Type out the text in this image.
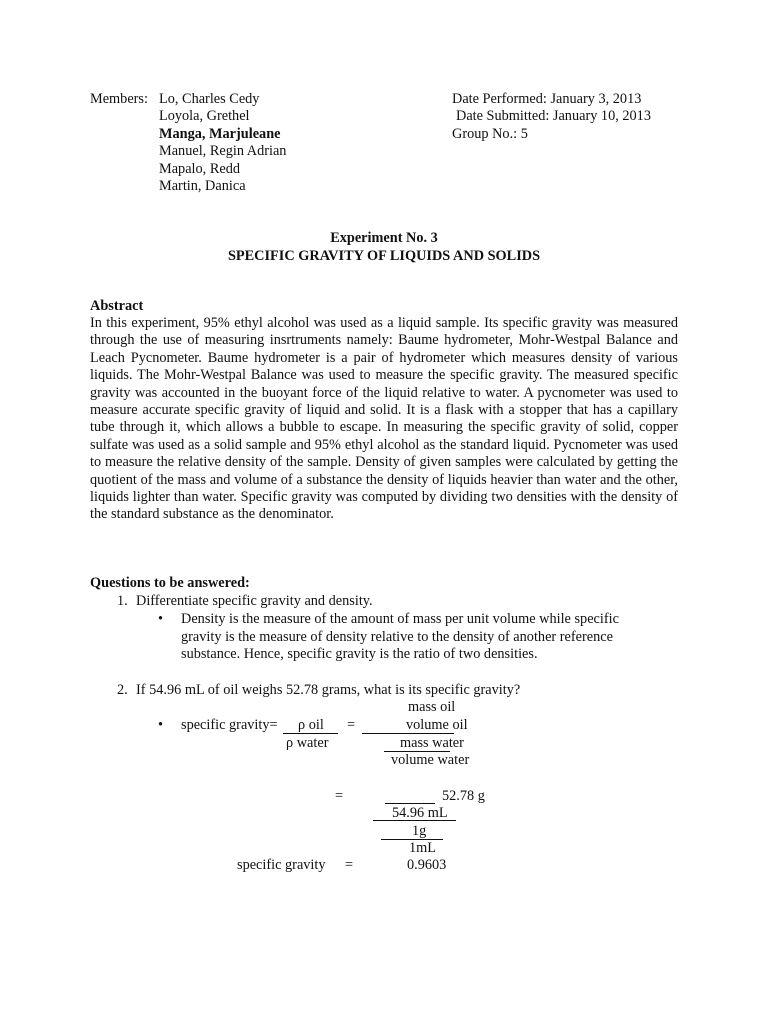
Members: Lo, Charles Cedy
Loyola, Grethel
Manga, Marjuleane
Manuel, Regin Adrian
Mapalo, Redd
Martin, Danica
Date Performed: January 3, 2013
Date Submitted: January 10, 2013
Group No.: 5
Experiment No. 3
SPECIFIC GRAVITY OF LIQUIDS AND SOLIDS
Abstract
In this experiment, 95% ethyl alcohol was used as a liquid sample. Its specific gravity was measured through the use of measuring insrtruments namely: Baume hydrometer, Mohr-Westpal Balance and Leach Pycnometer. Baume hydrometer is a pair of hydrometer which measures density of various liquids. The Mohr-Westpal Balance was used to measure the specific gravity. The measured specific gravity was accounted in the buoyant force of the liquid relative to water. A pycnometer was used to measure accurate specific gravity of liquid and solid. It is a flask with a stopper that has a capillary tube through it, which allows a bubble to escape. In measuring the specific gravity of solid, copper sulfate was used as a solid sample and 95% ethyl alcohol as the standard liquid. Pycnometer was used to measure the relative density of the sample. Density of given samples were calculated by getting the quotient of the mass and volume of a substance the density of liquids heavier than water and the other, liquids lighter than water. Specific gravity was computed by dividing two densities with the density of the standard substance as the denominator.
Questions to be answered:
1. Differentiate specific gravity and density.
• Density is the measure of the amount of mass per unit volume while specific
gravity is the measure of density relative to the density of another reference
substance. Hence, specific gravity is the ratio of two densities.
2. If 54.96 mL of oil weighs 52.78 grams, what is its specific gravity?
mass oil
• specific gravity= ρ oil =	volume oil
ρ water	mass water
volume water
=	52.78 g
54.96 mL
1g
1mL
specific gravity =	0.9603
